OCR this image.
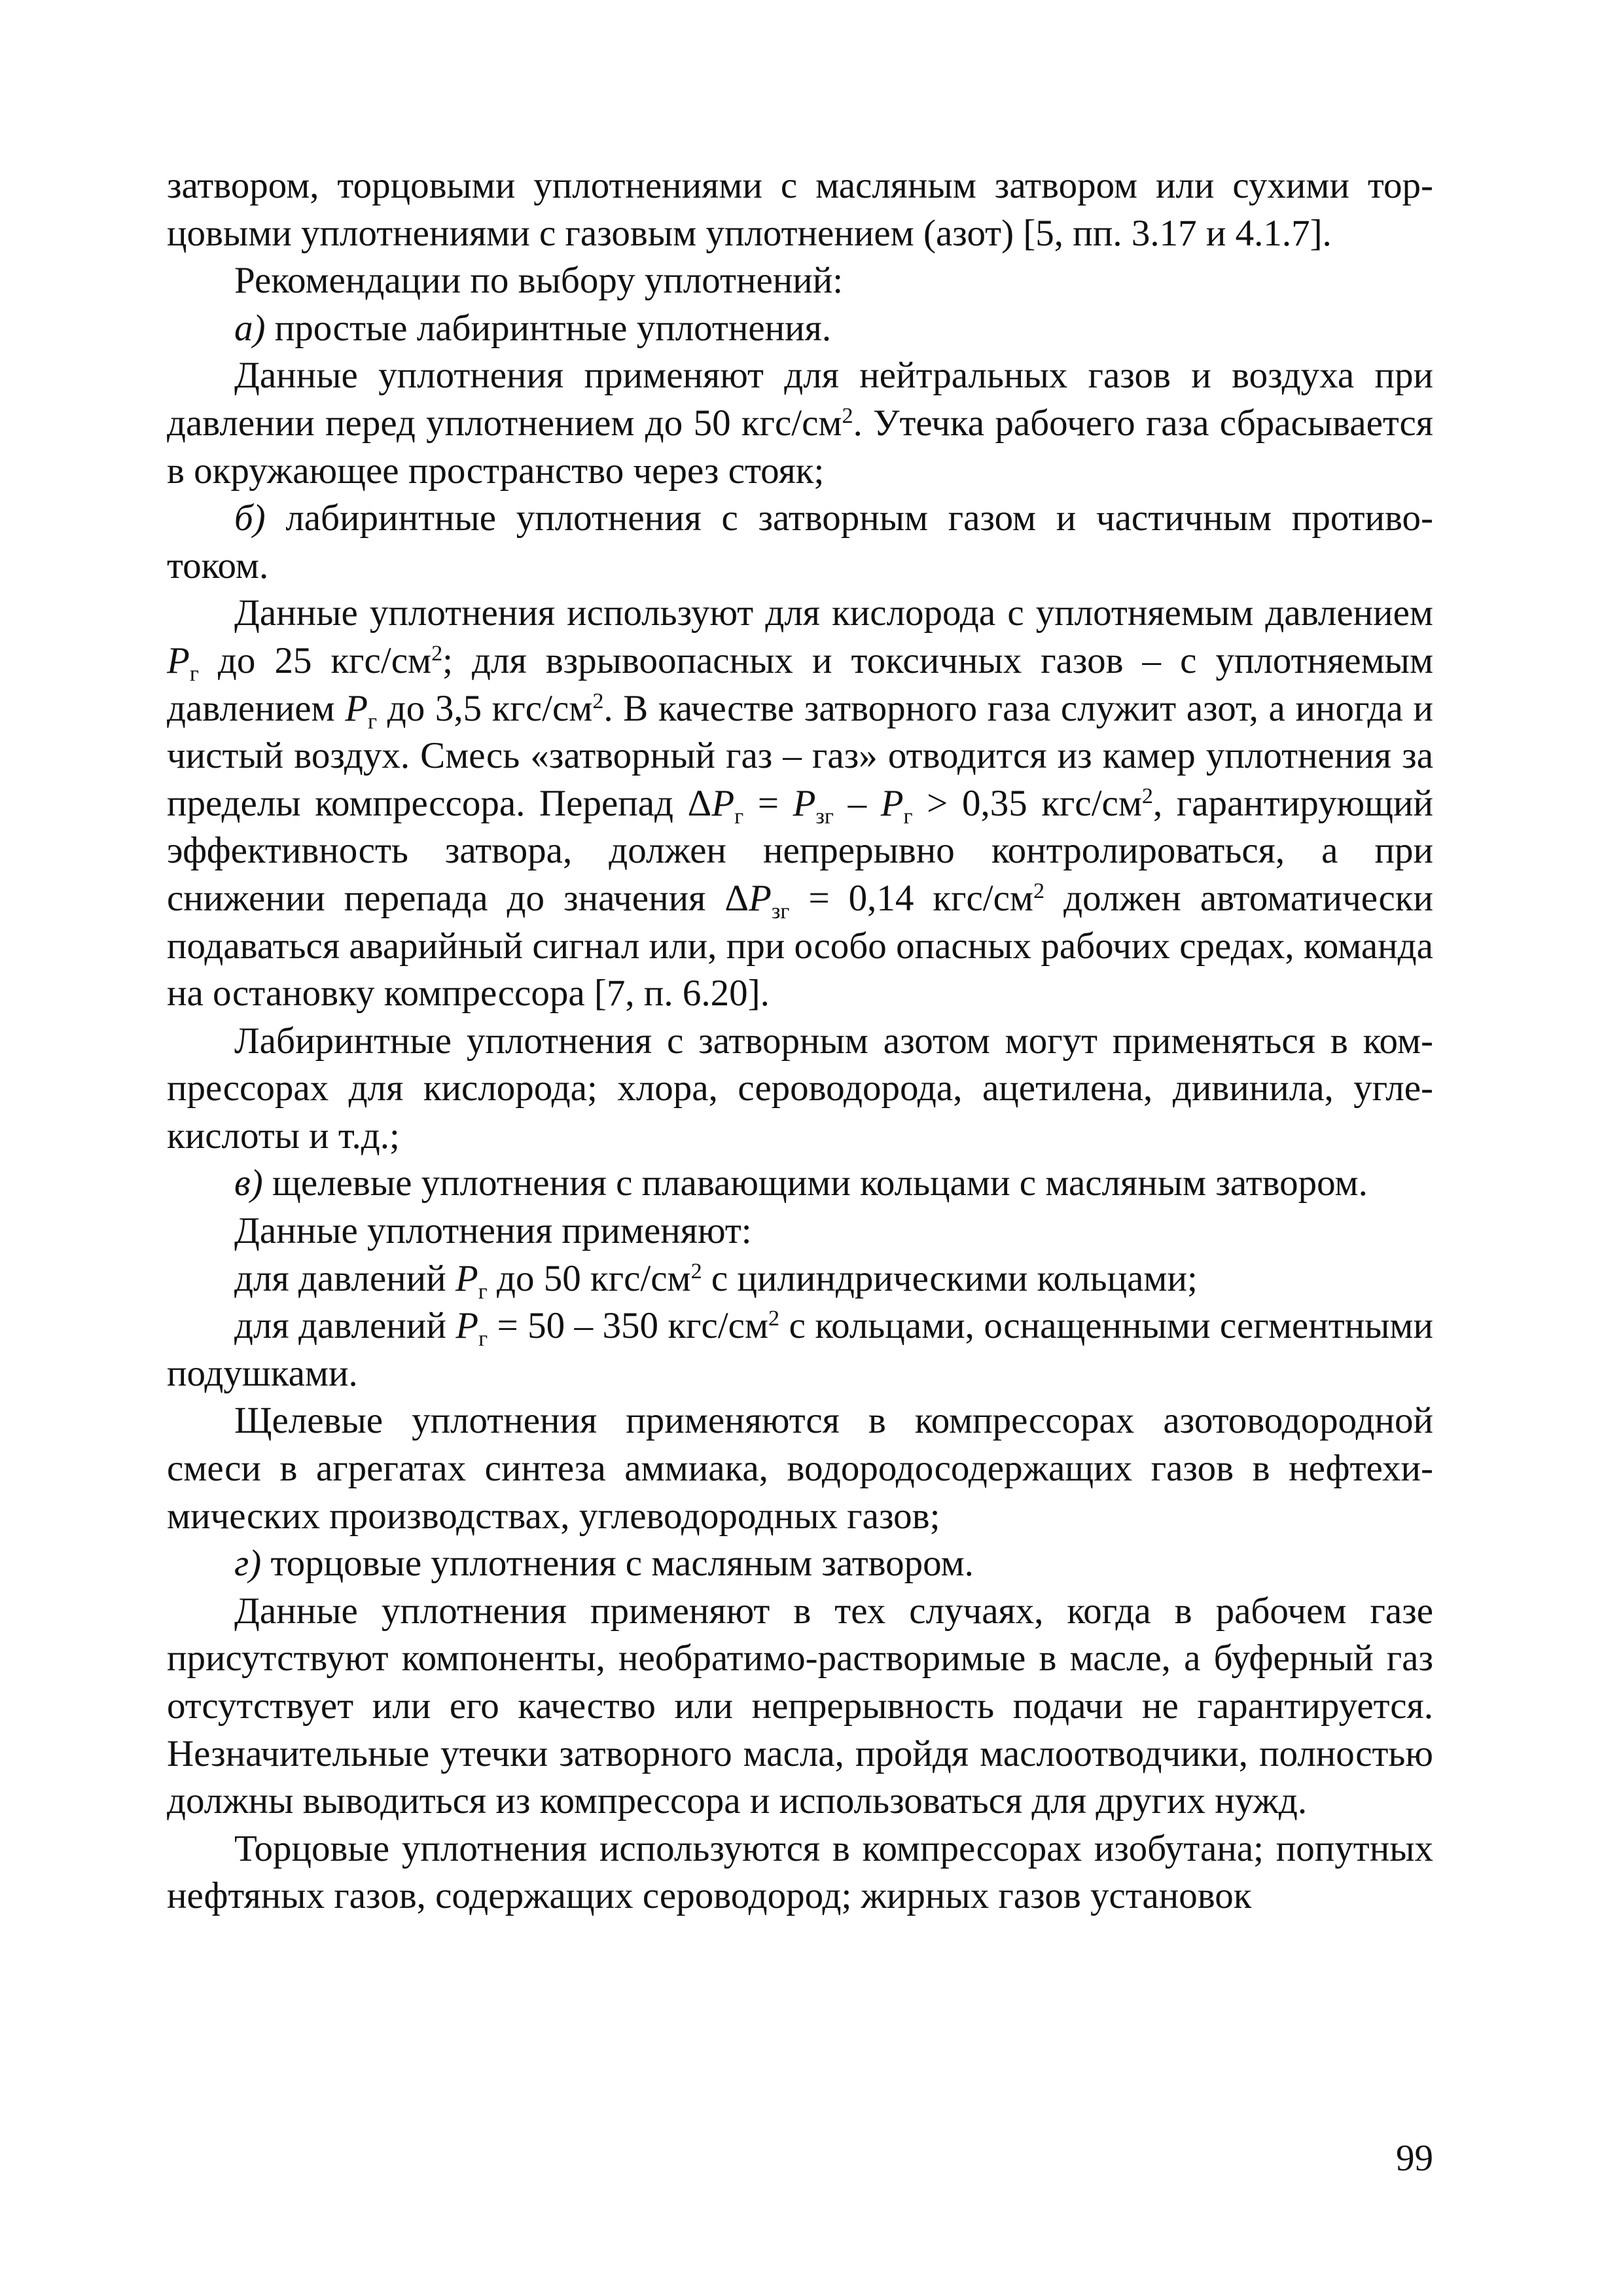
затвором, торцовыми уплотнениями с масляным затвором или сухими торцовыми уплотнениями с газовым уплотнением (азот) [5, пп. 3.17 и 4.1.7].

Рекомендации по выбору уплотнений:

а) простые лабиринтные уплотнения.

Данные уплотнения применяют для нейтральных газов и воздуха при давлении перед уплотнением до 50 кгс/$см^2$. Утечка рабочего газа сбрасывается в окружающее пространство через стояк;

б) лабиринтные уплотнения с затворным газом и частичным противотоком.

Данные уплотнения используют для кислорода с уплотняемым давлением $P_г$ до 25 кгс/$см^2$; для взрывоопасных и токсичных газов – с уплотняемым давлением $P_г$ до 3,5 кгс/$см^2$. В качестве затворного газа служит азот, а иногда и чистый воздух. Смесь «затворный газ – газ» отводится из камер уплотнения за пределы компрессора. Перепад $\Delta P_г = P_{зг} - P_г > 0,35$ кгс/$см^2$, гарантирующий эффективность затвора, должен непрерывно контролироваться, а при снижении перепада до значения $\Delta P_{зг} = 0,14$ кгс/$см^2$ должен автоматически подаваться аварийный сигнал или, при особо опасных рабочих средах, команда на остановку компрессора [7, п. 6.20].

Лабиринтные уплотнения с затворным азотом могут применяться в компрессорах для кислорода; хлора, сероводорода, ацетилена, дивинила, углекислоты и т.д.;

в) щелевые уплотнения с плавающими кольцами с масляным затвором.

Данные уплотнения применяют:

для давлений $P_г$ до 50 кгс/$см^2$ с цилиндрическими кольцами;

для давлений $P_г = 50 - 350$ кгс/$см^2$ с кольцами, оснащенными сегментными подушками.

Щелевые уплотнения применяются в компрессорах азотоводородной смеси в агрегатах синтеза аммиака, водородосодержащих газов в нефтехимических производствах, углеводородных газов;

г) торцовые уплотнения с масляным затвором.

Данные уплотнения применяют в тех случаях, когда в рабочем газе присутствуют компоненты, необратимо-растворимые в масле, а буферный газ отсутствует или его качество или непрерывность подачи не гарантируется. Незначительные утечки затворного масла, пройдя маслоотводчики, полностью должны выводиться из компрессора и использоваться для других нужд.

Торцовые уплотнения используются в компрессорах изобутана; попутных нефтяных газов, содержащих сероводород; жирных газов установок

99
